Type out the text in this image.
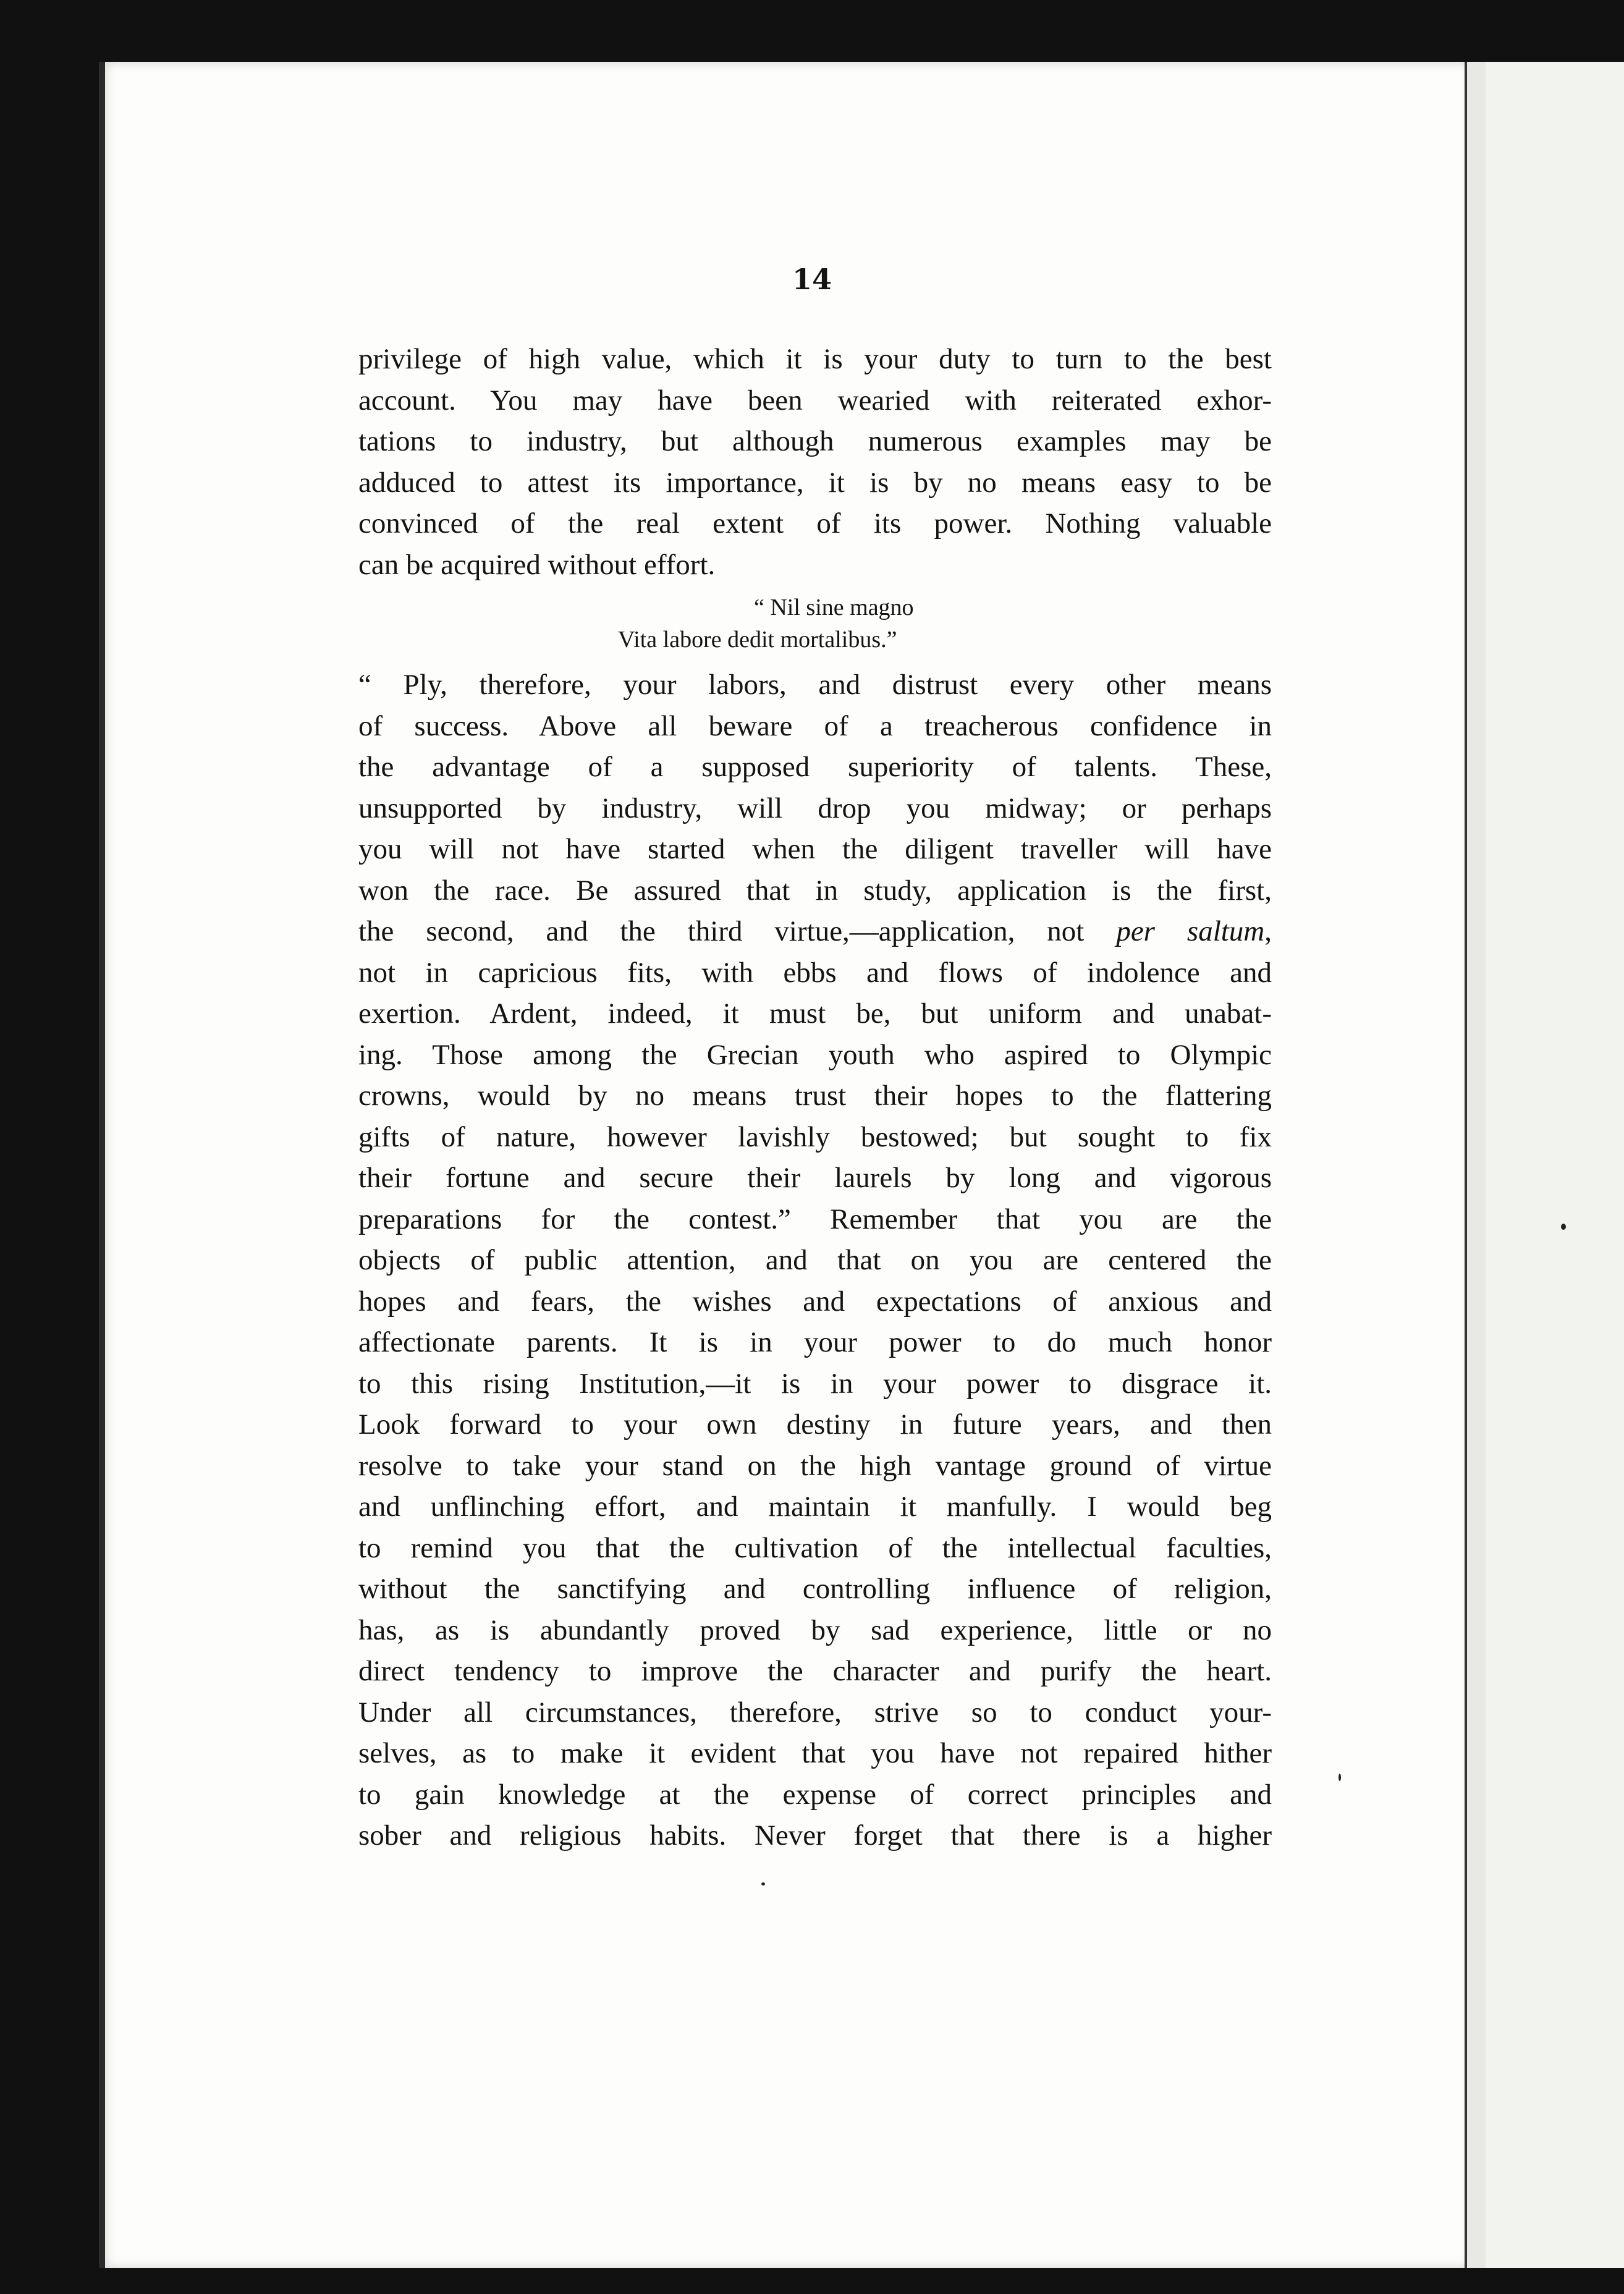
14
privilege of high value, which it is your duty to turn to the best
account. You may have been wearied with reiterated exhor-
tations to industry, but although numerous examples may be
adduced to attest its importance, it is by no means easy to be
convinced of the real extent of its power. Nothing valuable
can be acquired without effort.
“ Nil sine magno
Vita labore dedit mortalibus.”
“ Ply, therefore, your labors, and distrust every other means
of success. Above all beware of a treacherous confidence in
the advantage of a supposed superiority of talents. These,
unsupported by industry, will drop you midway; or perhaps
you will not have started when the diligent traveller will have
won the race. Be assured that in study, application is the first,
the second, and the third virtue,—application, not per saltum,
not in capricious fits, with ebbs and flows of indolence and
exertion. Ardent, indeed, it must be, but uniform and unabat-
ing. Those among the Grecian youth who aspired to Olympic
crowns, would by no means trust their hopes to the flattering
gifts of nature, however lavishly bestowed; but sought to fix
their fortune and secure their laurels by long and vigorous
preparations for the contest.” Remember that you are the
objects of public attention, and that on you are centered the
hopes and fears, the wishes and expectations of anxious and
affectionate parents. It is in your power to do much honor
to this rising Institution,—it is in your power to disgrace it.
Look forward to your own destiny in future years, and then
resolve to take your stand on the high vantage ground of virtue
and unflinching effort, and maintain it manfully. I would beg
to remind you that the cultivation of the intellectual faculties,
without the sanctifying and controlling influence of religion,
has, as is abundantly proved by sad experience, little or no
direct tendency to improve the character and purify the heart.
Under all circumstances, therefore, strive so to conduct your-
selves, as to make it evident that you have not repaired hither
to gain knowledge at the expense of correct principles and
sober and religious habits. Never forget that there is a higher
